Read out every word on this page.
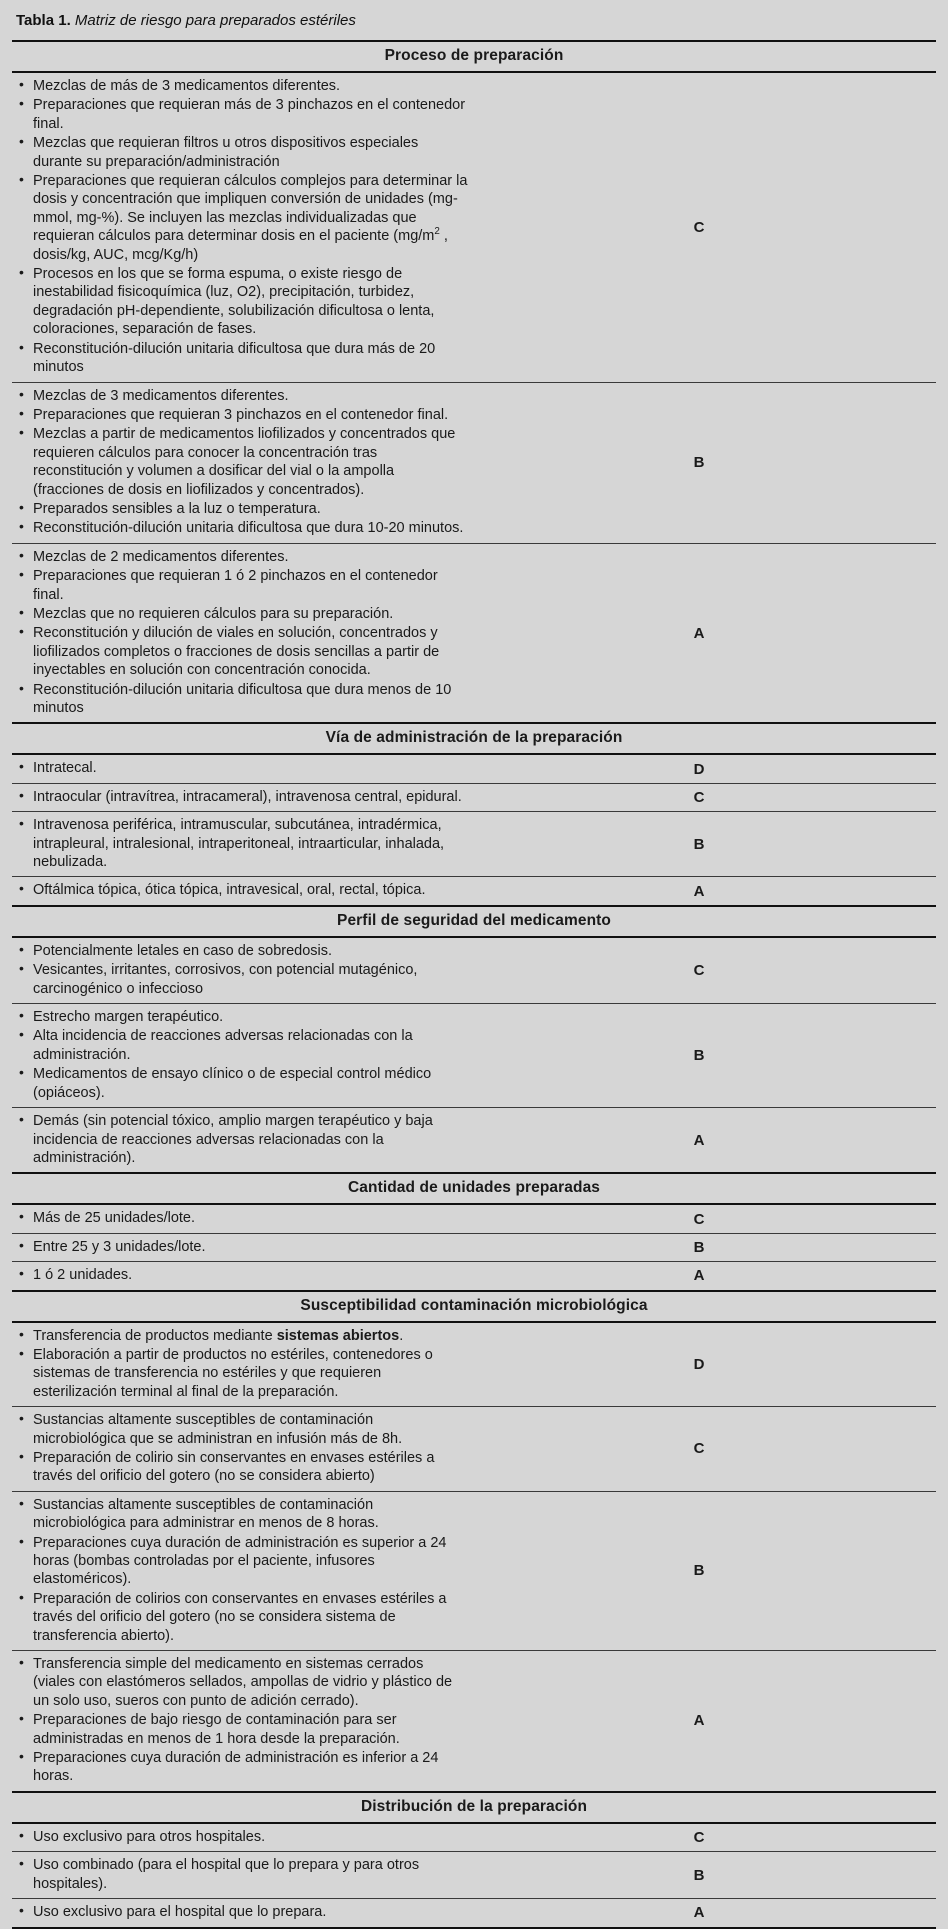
Tabla 1. Matriz de riesgo para preparados estériles
Proceso de preparación	

• Mezclas de más de 3 medicamentos diferentes.
• Preparaciones que requieran más de 3 pinchazos en el contenedor final.
• Mezclas que requieran filtros u otros dispositivos especiales durante su preparación/administración
• Preparaciones que requieran cálculos complejos para determinar la dosis y concentración que impliquen conversión de unidades (mg-mmol, mg-%). Se incluyen las mezclas individualizadas que requieran cálculos para determinar dosis en el paciente ($mg/m^2$ , dosis/kg, AUC, mcg/Kg/h)
• Procesos en los que se forma espuma, o existe riesgo de inestabilidad fisicoquímica (luz, O2), precipitación, turbidez, degradación pH-dependiente, solubilización dificultosa o lenta, coloraciones, separación de fases.
• Reconstitución-dilución unitaria dificultosa que dura más de 20 minutos
	C

• Mezclas de 3 medicamentos diferentes.
• Preparaciones que requieran 3 pinchazos en el contenedor final.
• Mezclas a partir de medicamentos liofilizados y concentrados que requieren cálculos para conocer la concentración tras reconstitución y volumen a dosificar del vial o la ampolla (fracciones de dosis en liofilizados y concentrados).
• Preparados sensibles a la luz o temperatura.
• Reconstitución-dilución unitaria dificultosa que dura 10-20 minutos.
	B

• Mezclas de 2 medicamentos diferentes.
• Preparaciones que requieran 1 ó 2 pinchazos en el contenedor final.
• Mezclas que no requieren cálculos para su preparación.
• Reconstitución y dilución de viales en solución, concentrados y liofilizados completos o fracciones de dosis sencillas a partir de inyectables en solución con concentración conocida.
• Reconstitución-dilución unitaria dificultosa que dura menos de 10 minutos
	A
Vía de administración de la preparación	

• Intratecal.	D

• Intraocular (intravítrea, intracameral), intravenosa central, epidural.	C

• Intravenosa periférica, intramuscular, subcutánea, intradérmica, intrapleural, intralesional, intraperitoneal, intraarticular, inhalada, nebulizada.
	B

• Oftálmica tópica, ótica tópica, intravesical, oral, rectal, tópica.	A
Perfil de seguridad del medicamento	

• Potencialmente letales en caso de sobredosis.
• Vesicantes, irritantes, corrosivos, con potencial mutagénico, carcinogénico o infeccioso
	C

• Estrecho margen terapéutico.
• Alta incidencia de reacciones adversas relacionadas con la administración.
• Medicamentos de ensayo clínico o de especial control médico (opiáceos).
	B

• Demás (sin potencial tóxico, amplio margen terapéutico y baja incidencia de reacciones adversas relacionadas con la administración).
	A
Cantidad de unidades preparadas	

• Más de 25 unidades/lote.	C

• Entre 25 y 3 unidades/lote.	B

• 1 ó 2 unidades.	A
Susceptibilidad contaminación microbiológica	

• Transferencia de productos mediante sistemas abiertos.
• Elaboración a partir de productos no estériles, contenedores o sistemas de transferencia no estériles y que requieren esterilización terminal al final de la preparación.
	D

• Sustancias altamente susceptibles de contaminación microbiológica que se administran en infusión más de 8h.
• Preparación de colirio sin conservantes en envases estériles a través del orificio del gotero (no se considera abierto)
	C

• Sustancias altamente susceptibles de contaminación microbiológica para administrar en menos de 8 horas.
• Preparaciones cuya duración de administración es superior a 24 horas (bombas controladas por el paciente, infusores elastoméricos).
• Preparación de colirios con conservantes en envases estériles a través del orificio del gotero (no se considera sistema de transferencia abierto).
	B

• Transferencia simple del medicamento en sistemas cerrados (viales con elastómeros sellados, ampollas de vidrio y plástico de un solo uso, sueros con punto de adición cerrado).
• Preparaciones de bajo riesgo de contaminación para ser administradas en menos de 1 hora desde la preparación.
• Preparaciones cuya duración de administración es inferior a 24 horas.
	A
Distribución de la preparación	

• Uso exclusivo para otros hospitales.	C

• Uso combinado (para el hospital que lo prepara y para otros hospitales).	B

• Uso exclusivo para el hospital que lo prepara.	A
